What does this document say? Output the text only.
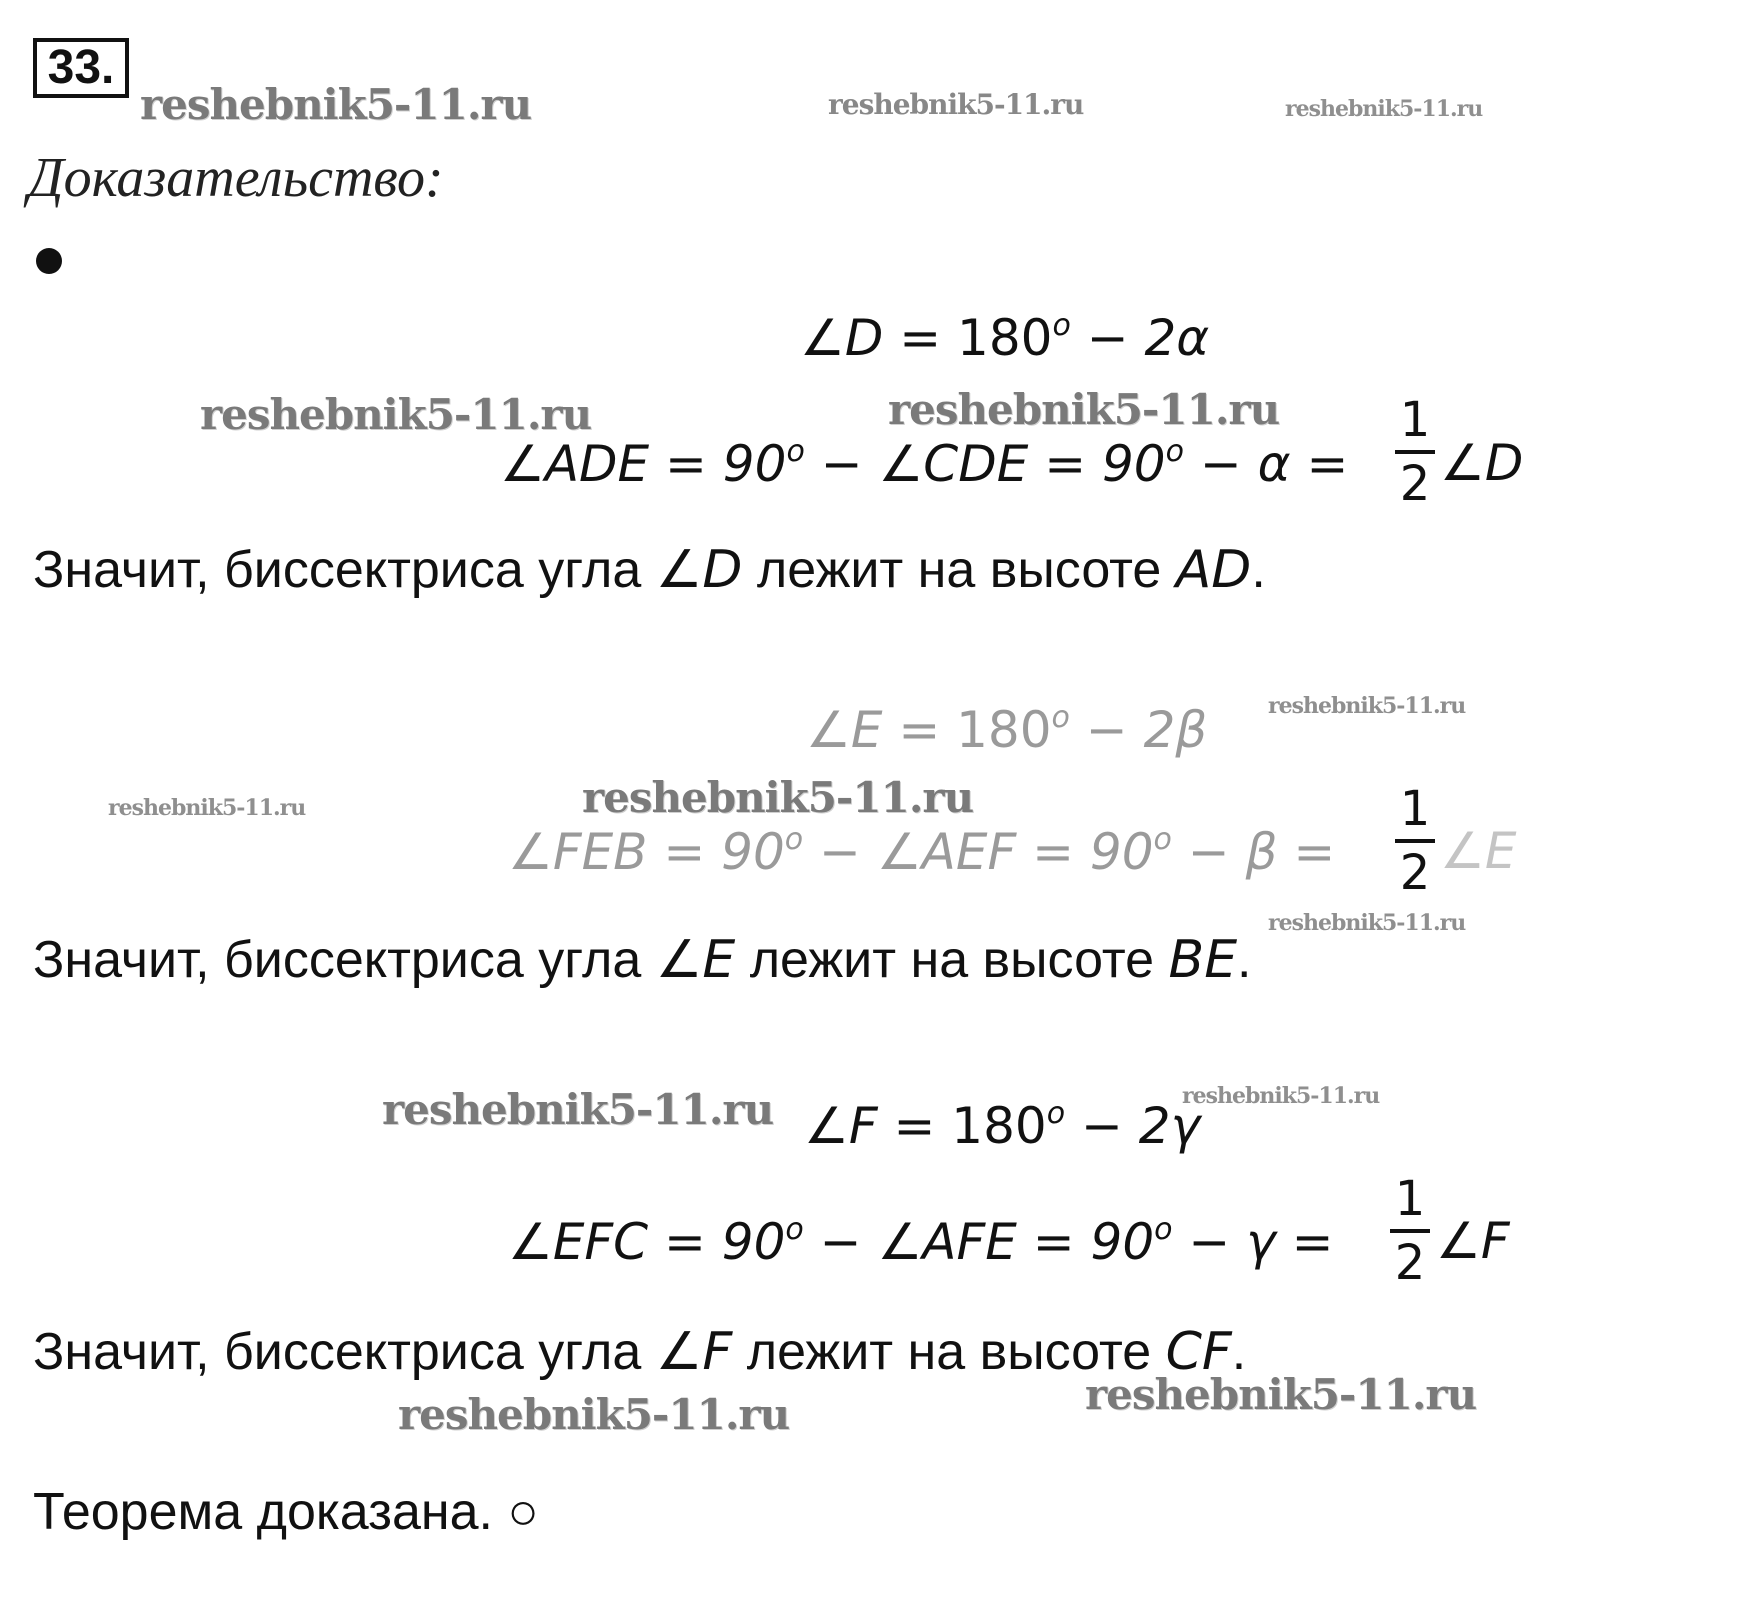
33.
reshebnik5-11.ru	reshebnik5-11.ru	reshebnik5-11.ru
Доказательство:
∠D = $180^o - 2\alpha$
reshebnik5-11.ru	reshebnik5-11.ru
∠ADE = $90^o$ − ∠CDE = $90^o - \alpha$ =
1
2 ∠D
Значит, биссектриса угла ∠D лежит на высоте AD.
reshebnik5-11.ru
∠E = $180^o - 2\beta$
reshebnik5-11.ru	reshebnik5-11.ru
∠FEB = $90^o$ − ∠AEF = $90^o - \beta$ =
1
2 ∠E
reshebnik5-11.ru
Значит, биссектриса угла ∠E лежит на высоте BE.
reshebnik5-11.ru	reshebnik5-11.ru
∠F = $180^o - 2\gamma$
∠EFC = $90^o$ − ∠AFE = $90^o - \gamma$ =
1
2 ∠F
Значит, биссектриса угла ∠F лежит на высоте CF.
reshebnik5-11.ru
reshebnik5-11.ru
Теорема доказана. ○
